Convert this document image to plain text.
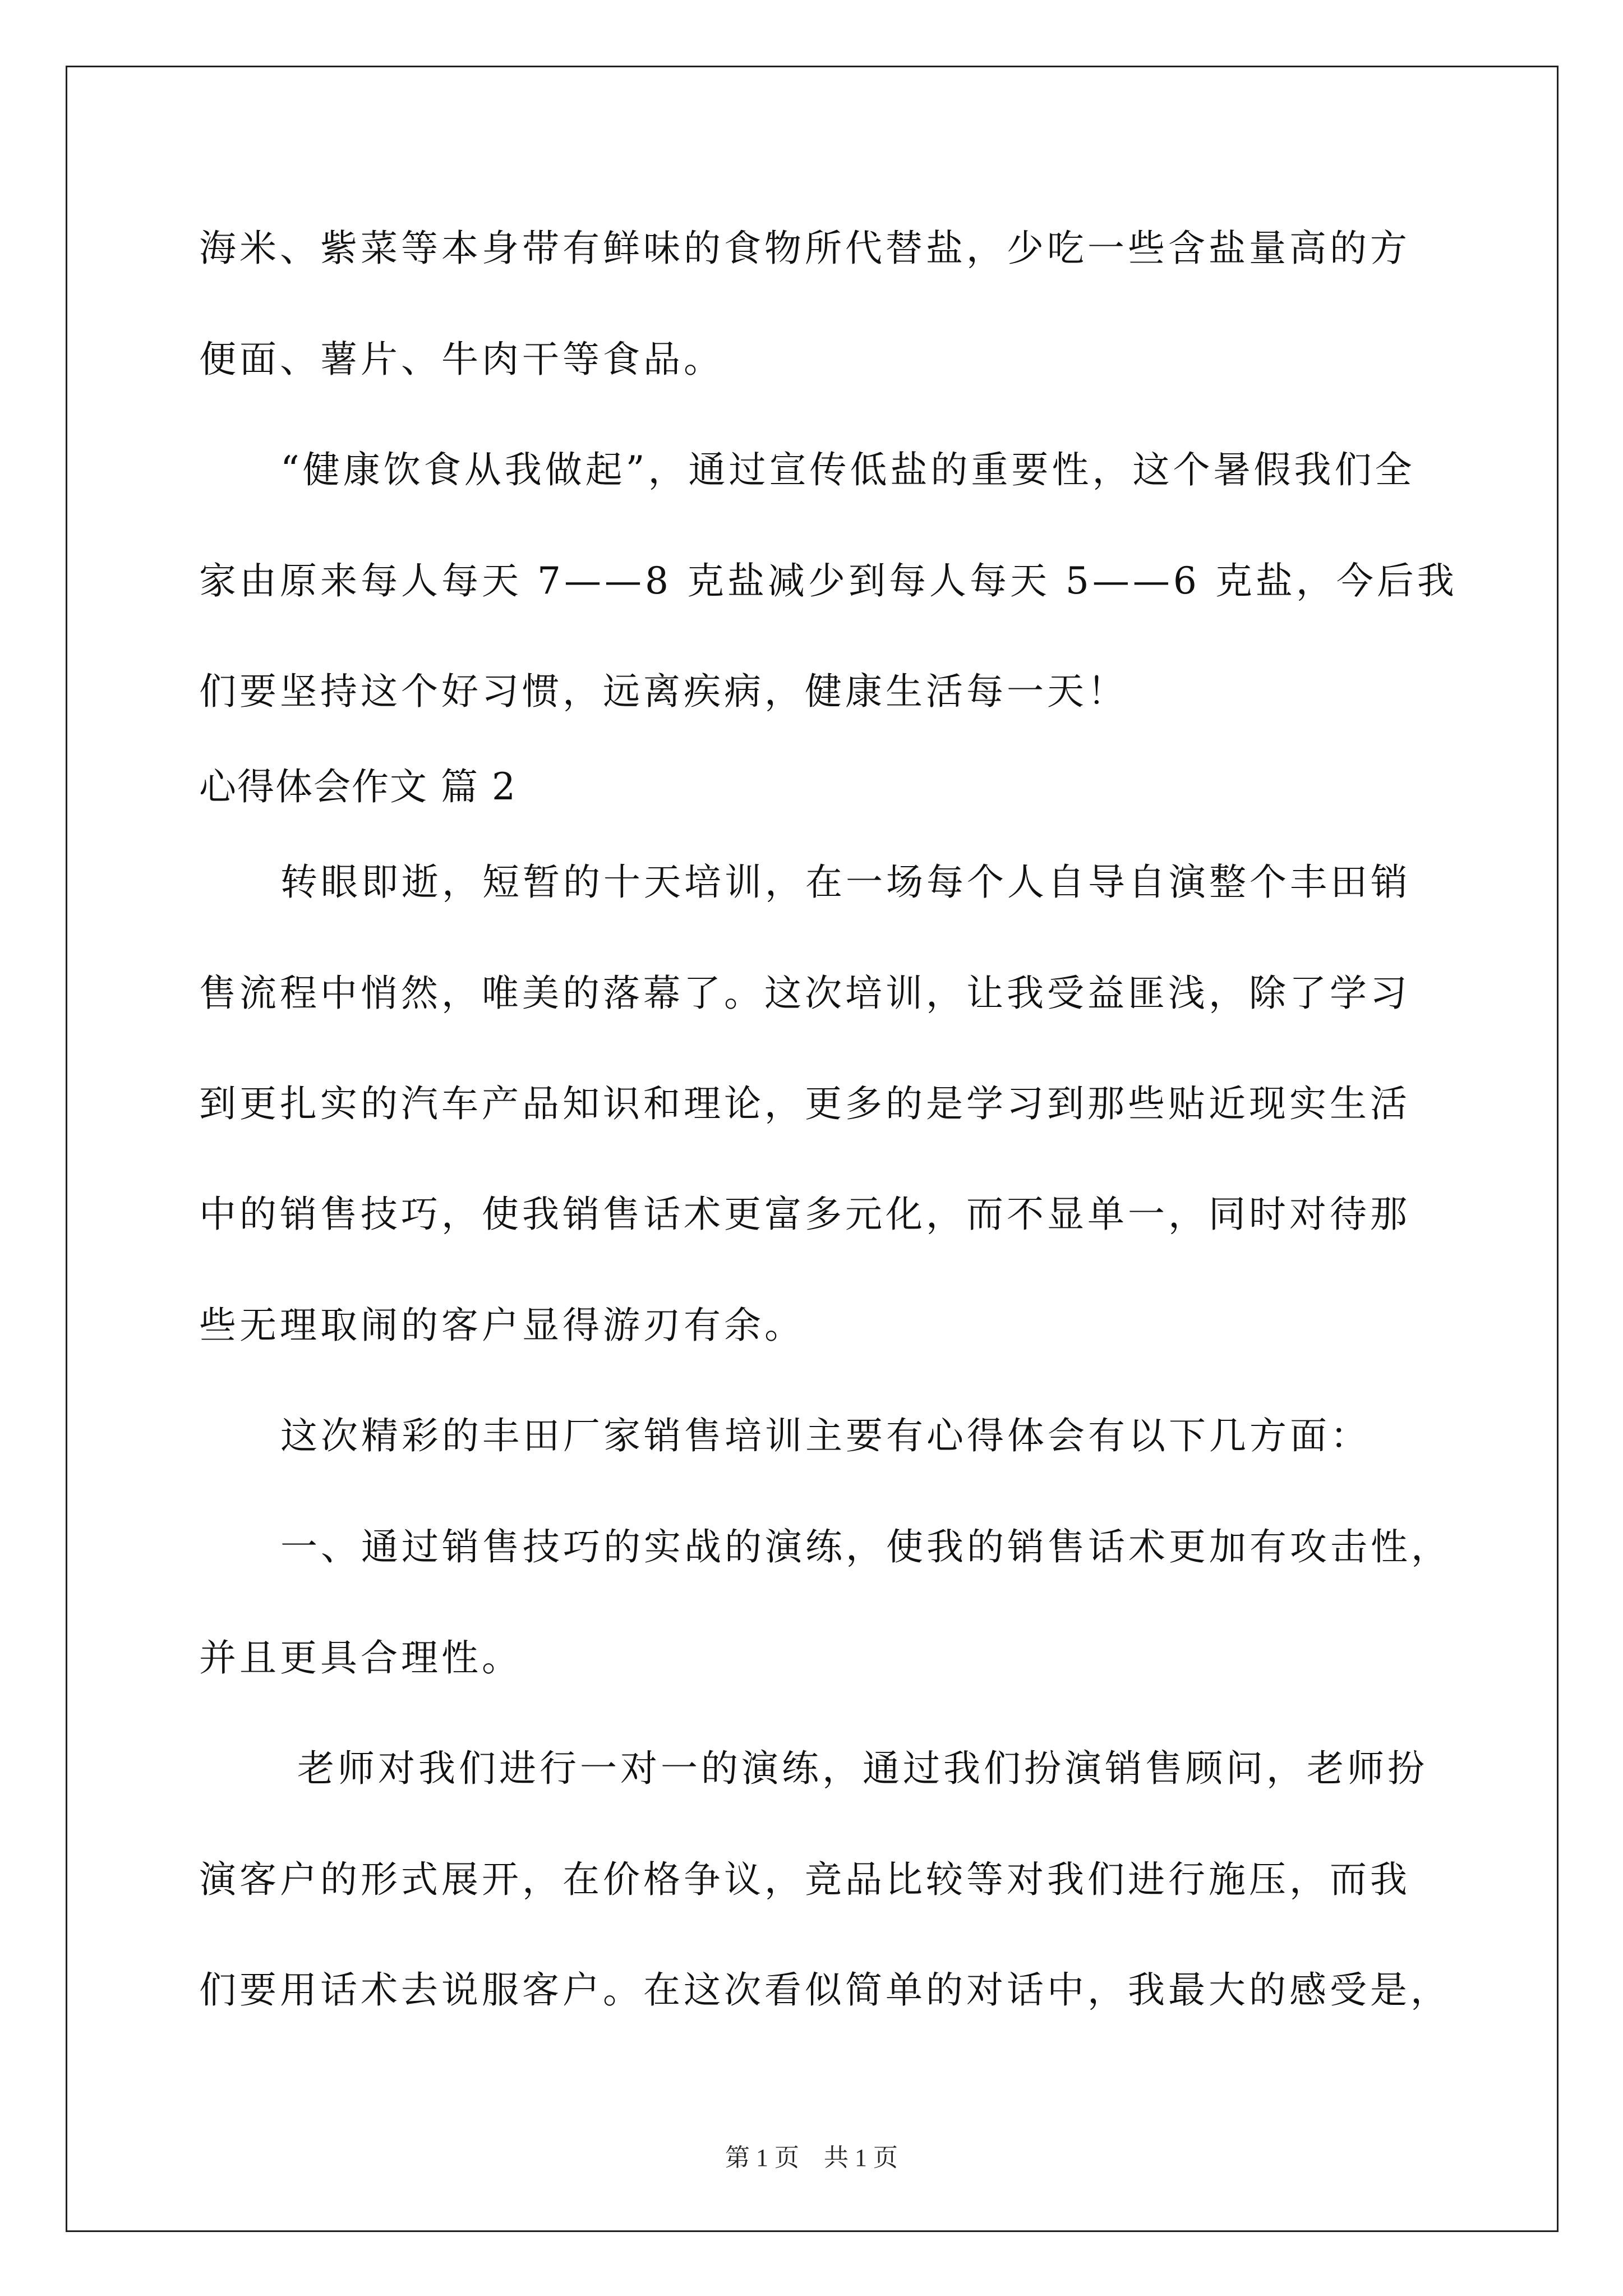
海米、紫菜等本身带有鲜味的食物所代替盐，少吃一些含盐量高的方
便面、薯片、牛肉干等食品。
“健康饮食从我做起”，通过宣传低盐的重要性，这个暑假我们全
家由原来每人每天 7——8 克盐减少到每人每天 5——6 克盐，今后我
们要坚持这个好习惯，远离疾病，健康生活每一天！
心得体会作文 篇 2
转眼即逝，短暂的十天培训，在一场每个人自导自演整个丰田销
售流程中悄然，唯美的落幕了。这次培训，让我受益匪浅，除了学习
到更扎实的汽车产品知识和理论，更多的是学习到那些贴近现实生活
中的销售技巧，使我销售话术更富多元化，而不显单一，同时对待那
些无理取闹的客户显得游刃有余。
这次精彩的丰田厂家销售培训主要有心得体会有以下几方面：
一、通过销售技巧的实战的演练，使我的销售话术更加有攻击性，
并且更具合理性。
老师对我们进行一对一的演练，通过我们扮演销售顾问，老师扮
演客户的形式展开，在价格争议，竞品比较等对我们进行施压，而我
们要用话术去说服客户。在这次看似简单的对话中，我最大的感受是，
第 1 页　共 1 页
